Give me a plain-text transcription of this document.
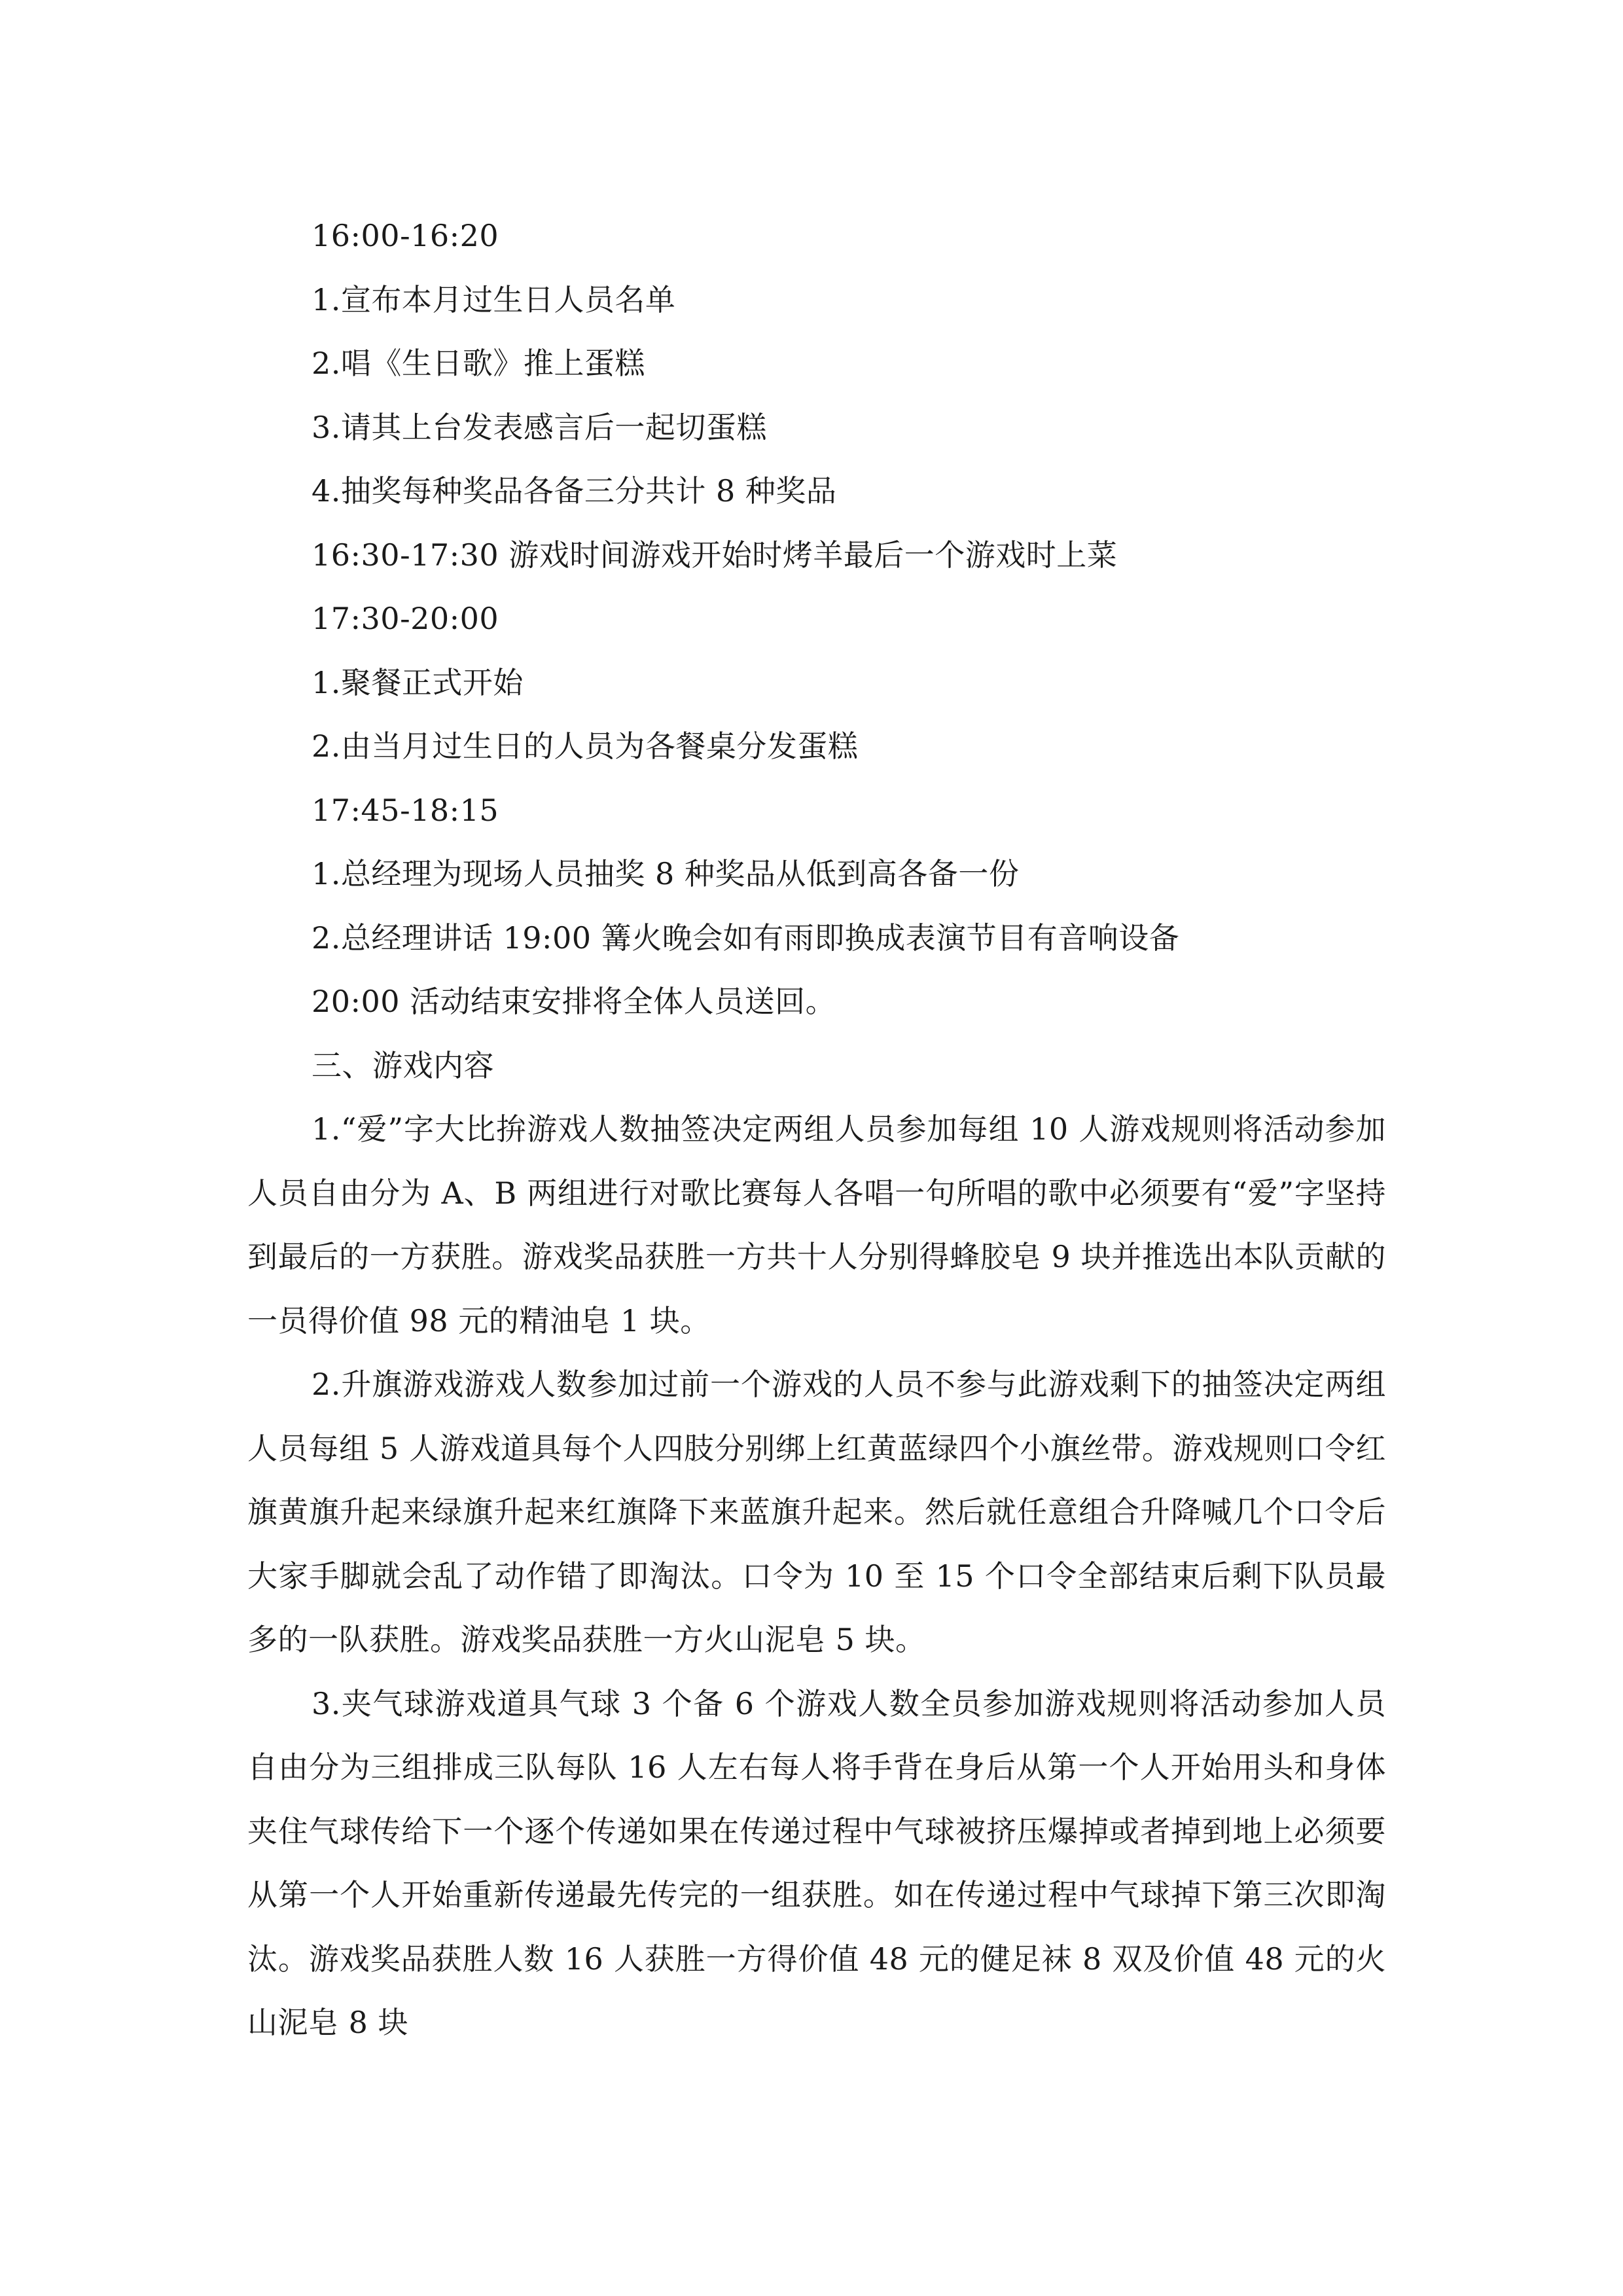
16:00-16:20
1.宣布本月过生日人员名单
2.唱《生日歌》推上蛋糕
3.请其上台发表感言后一起切蛋糕
4.抽奖每种奖品各备三分共计 8 种奖品
16:30-17:30 游戏时间游戏开始时烤羊最后一个游戏时上菜
17:30-20:00
1.聚餐正式开始
2.由当月过生日的人员为各餐桌分发蛋糕
17:45-18:15
1.总经理为现场人员抽奖 8 种奖品从低到高各备一份
2.总经理讲话 19:00 篝火晚会如有雨即换成表演节目有音响设备
20:00 活动结束安排将全体人员送回。
三、游戏内容

1.“爱”字大比拚游戏人数抽签决定两组人员参加每组 10 人游戏规则将活动参加人员自由分为 A、B 两组进行对歌比赛每人各唱一句所唱的歌中必须要有“爱”字坚持到最后的一方获胜。游戏奖品获胜一方共十人分别得蜂胶皂 9 块并推选出本队贡献的一员得价值 98 元的精油皂 1 块。

2.升旗游戏游戏人数参加过前一个游戏的人员不参与此游戏剩下的抽签决定两组人员每组 5 人游戏道具每个人四肢分别绑上红黄蓝绿四个小旗丝带。游戏规则口令红旗黄旗升起来绿旗升起来红旗降下来蓝旗升起来。然后就任意组合升降喊几个口令后大家手脚就会乱了动作错了即淘汰。口令为 10 至 15 个口令全部结束后剩下队员最多的一队获胜。游戏奖品获胜一方火山泥皂 5 块。

3.夹气球游戏道具气球 3 个备 6 个游戏人数全员参加游戏规则将活动参加人员自由分为三组排成三队每队 16 人左右每人将手背在身后从第一个人开始用头和身体夹住气球传给下一个逐个传递如果在传递过程中气球被挤压爆掉或者掉到地上必须要从第一个人开始重新传递最先传完的一组获胜。如在传递过程中气球掉下第三次即淘汰。游戏奖品获胜人数 16 人获胜一方得价值 48 元的健足袜 8 双及价值 48 元的火山泥皂 8 块
